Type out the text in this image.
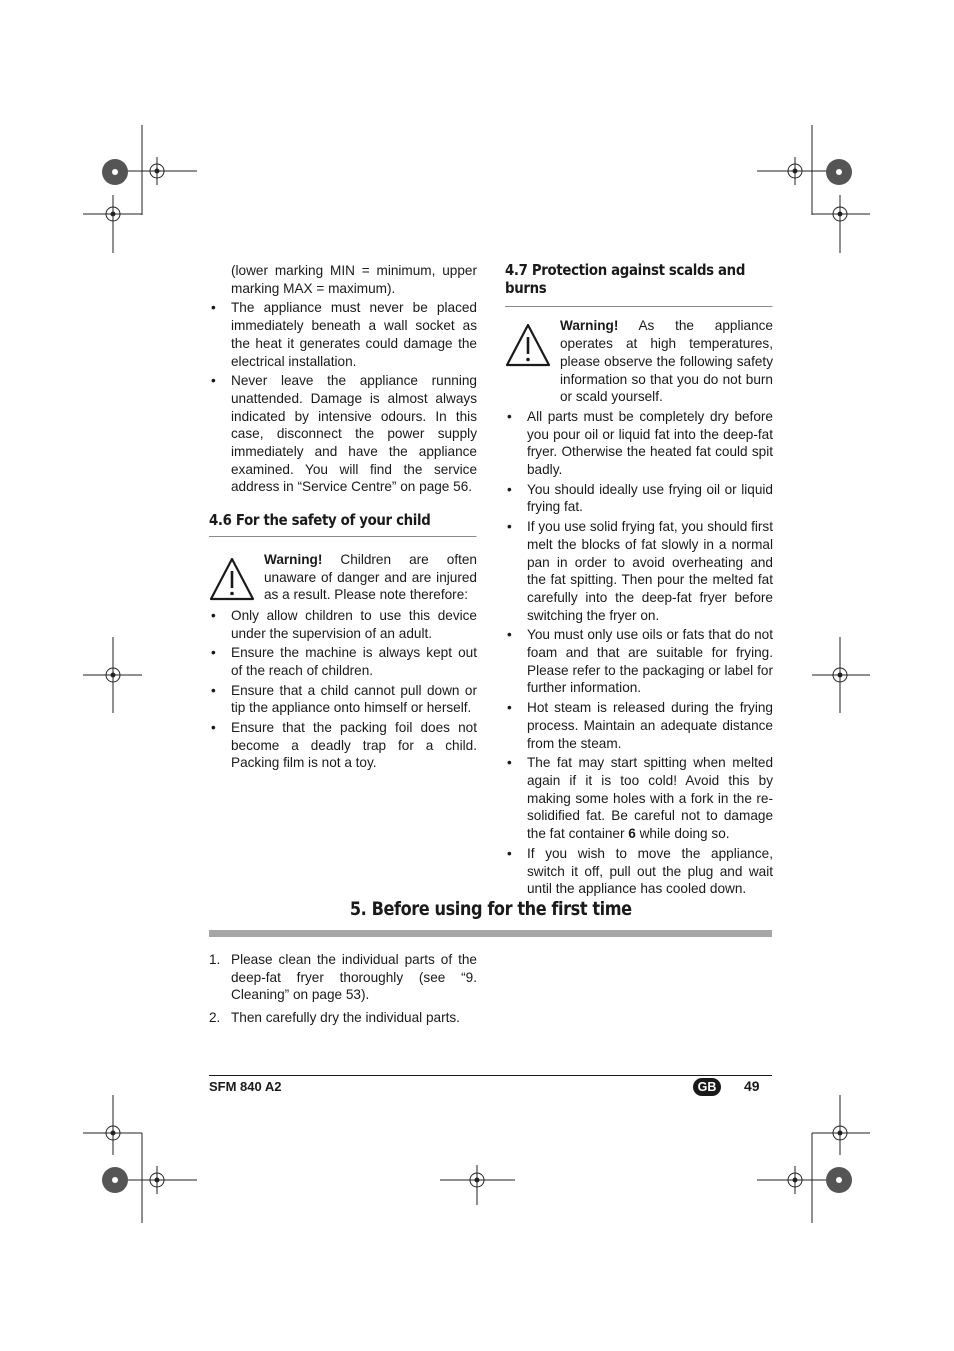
(lower marking MIN = minimum, upper marking MAX = maximum).
• The appliance must never be placed immediately beneath a wall socket as the heat it generates could damage the electrical installation.
• Never leave the appliance running unattended. Damage is almost always indicated by intensive odours. In this case, disconnect the power supply immediately and have the appliance examined. You will find the service address in “Service Centre” on page 56.
4.6 For the safety of your child
Warning! Children are often unaware of danger and are injured as a result. Please note therefore:
• Only allow children to use this device under the supervision of an adult.
• Ensure the machine is always kept out of the reach of children.
• Ensure that a child cannot pull down or tip the appliance onto himself or herself.
• Ensure that the packing foil does not become a deadly trap for a child. Packing film is not a toy.
4.7 Protection against scalds and burns
Warning! As the appliance operates at high temperatures, please observe the following safety information so that you do not burn or scald yourself.
• All parts must be completely dry before you pour oil or liquid fat into the deep-fat fryer. Otherwise the heated fat could spit badly.
• You should ideally use frying oil or liquid frying fat.
• If you use solid frying fat, you should first melt the blocks of fat slowly in a normal pan in order to avoid overheating and the fat spitting. Then pour the melted fat carefully into the deep-fat fryer before switching the fryer on.
• You must only use oils or fats that do not foam and that are suitable for frying. Please refer to the packaging or label for further information.
• Hot steam is released during the frying process. Maintain an adequate distance from the steam.
• The fat may start spitting when melted again if it is too cold! Avoid this by making some holes with a fork in the re-solidified fat. Be careful not to damage the fat container 6 while doing so.
• If you wish to move the appliance, switch it off, pull out the plug and wait until the appliance has cooled down.
5. Before using for the first time
1. Please clean the individual parts of the deep-fat fryer thoroughly (see “9. Cleaning” on page 53).
2. Then carefully dry the individual parts.
SFM 840 A2	GB	49
